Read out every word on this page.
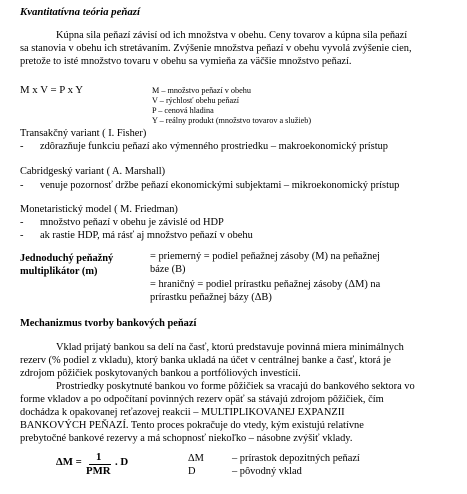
Kvantitatívna teória peňazí
Kúpna sila peňazí závisí od ich množstva v obehu. Ceny tovarov a kúpna sila peňazí
sa stanovia v obehu ich stretávaním. Zvýšenie množstva peňazí v obehu vyvolá zvýšenie cien,
pretože to isté množstvo tovaru v obehu sa vymieňa za väčšie množstvo peňazí.
M x V = P x Y	M – množstvo peňazí v obehu
V – rýchlosť obehu peňazí
P – cenová hladina
Y – reálny produkt (množstvo tovarov a služieb)
Transakčný variant ( I. Fisher)
- zdôrazňuje funkciu peňazí ako výmenného prostriedku – makroekonomický prístup
Cabridgeský variant ( A. Marshall)
- venuje pozornosť držbe peňazí ekonomickými subjektami – mikroekonomický prístup
Monetaristický model ( M. Friedman)
- množstvo peňazí v obehu je závislé od HDP
- ak rastie HDP, má rásť aj množstvo peňazí v obehu
Jednoduchý peňažný
multiplikátor (m)
= priemerný = podiel peňažnej zásoby (M) na peňažnej
báze (B)
= hraničný = podiel prírastku peňažnej zásoby (ΔM) na
prírastku peňažnej bázy (ΔB)
Mechanizmus tvorby bankových peňazí
Vklad prijatý bankou sa delí na časť, ktorú predstavuje povinná miera minimálnych
rezerv (% podiel z vkladu), ktorý banka ukladá na účet v centrálnej banke a časť, ktorá je
zdrojom pôžičiek poskytovaných bankou a portfóliových investícií.
Prostriedky poskytnuté bankou vo forme pôžičiek sa vracajú do bankového sektora vo
forme vkladov a po odpočítaní povinných rezerv opäť sa stávajú zdrojom pôžičiek, čím
dochádza k opakovanej reťazovej reakcii – MULTIPLIKOVANEJ EXPANZII
BANKOVÝCH PEŇAZÍ. Tento proces pokračuje do vtedy, kým existujú relatívne
prebytočné bankové rezervy a má schopnosť niekoľko – násobne zvýšiť vklady.
ΔM = 1
PMR
. D	ΔM	– prírastok depozitných peňazí
D	– pôvodný vklad
